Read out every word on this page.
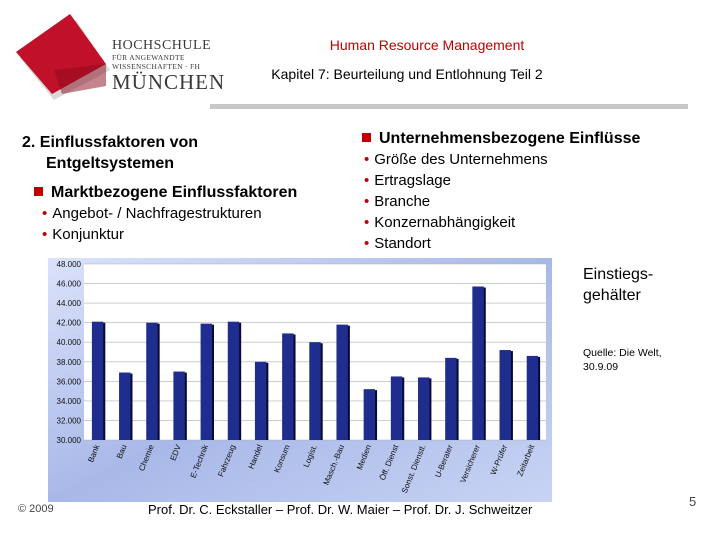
HOCHSCHULE
FÜR ANGEWANDTE
WISSENSCHAFTEN · FH
MÜNCHEN
Human Resource Management
Kapitel 7: Beurteilung und Entlohnung Teil 2
2. Einflussfaktoren von
Entgeltsystemen
Marktbezogene Einflussfaktoren
• Angebot- / Nachfragestrukturen
• Konjunktur
Unternehmensbezogene Einflüsse
• Größe des Unternehmens
• Ertragslage
• Branche
• Konzernabhängigkeit
• Standort
30.000
32.000
34.000
36.000
38.000
40.000
42.000
44.000
46.000
48.000
Bank Bau Chemie EDV E-Technik Fahrzeug Handel Konsum Logist. Masch.-Bau Medien Öff. Dienst Sonst. Dienstl. U-Berater Versicherer W-Prüfer Zeitarbeit
Einstiegs-
gehälter
Quelle: Die Welt,
30.9.09
© 2009	Prof. Dr. C. Eckstaller – Prof. Dr. W. Maier – Prof. Dr. J. Schweitzer
5
